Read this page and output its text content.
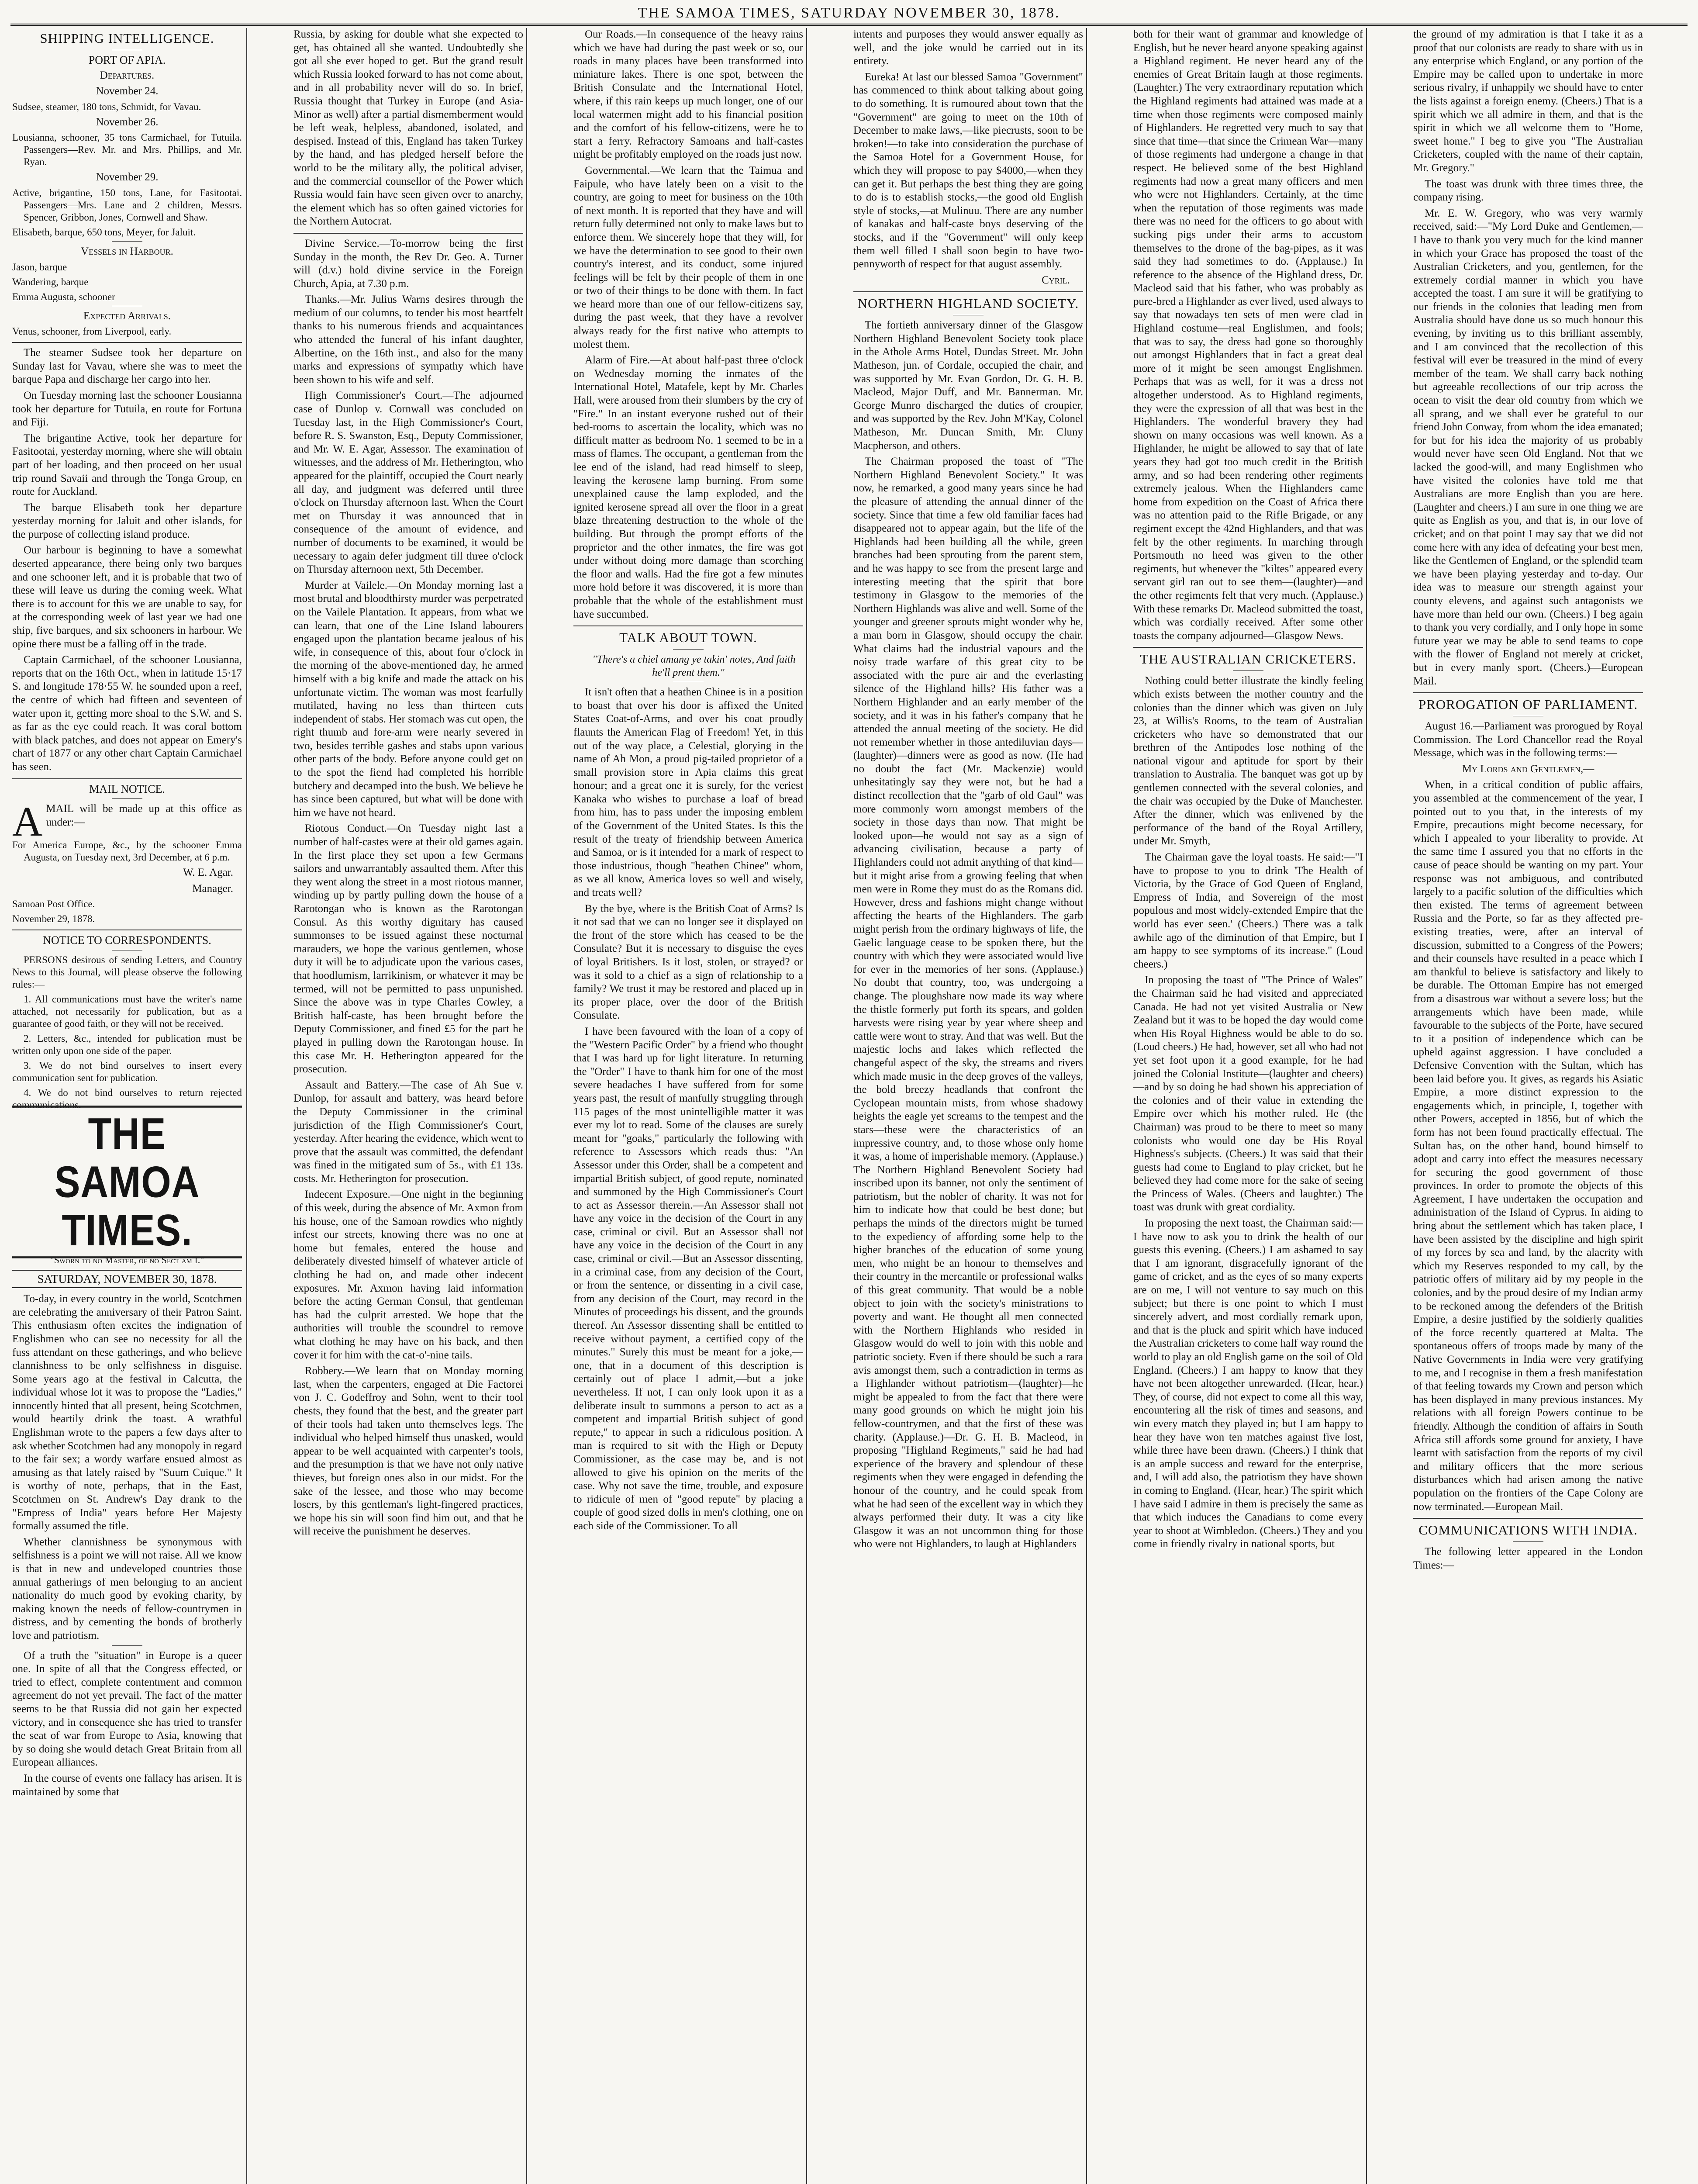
THE SAMOA TIMES, SATURDAY NOVEMBER 30, 1878.
SHIPPING INTELLIGENCE.
PORT OF APIA.

Departures.

November 24.

Sudsee, steamer, 180 tons, Schmidt, for Vavau.

November 26.

Lousianna, schooner, 35 tons Carmichael, for Tutuila. Passengers—Rev. Mr. and Mrs. Phillips, and Mr. Ryan.

November 29.

Active, brigantine, 150 tons, Lane, for Fasitootai. Passengers—Mrs. Lane and 2 children, Messrs. Spencer, Gribbon, Jones, Cornwell and Shaw.

Elisabeth, barque, 650 tons, Meyer, for Jaluit.

Vessels in Harbour.

Jason, barque

Wandering, barque

Emma Augusta, schooner

Expected Arrivals.

Venus, schooner, from Liverpool, early.

The steamer Sudsee took her departure on Sunday last for Vavau, where she was to meet the barque Papa and discharge her cargo into her.

On Tuesday morning last the schooner Lousianna took her departure for Tutuila, en route for Fortuna and Fiji.

The brigantine Active, took her departure for Fasitootai, yesterday morning, where she will obtain part of her loading, and then proceed on her usual trip round Savaii and through the Tonga Group, en route for Auckland.

The barque Elisabeth took her departure yesterday morning for Jaluit and other islands, for the purpose of collecting island produce.

Our harbour is beginning to have a somewhat deserted appearance, there being only two barques and one schooner left, and it is probable that two of these will leave us during the coming week. What there is to account for this we are unable to say, for at the corresponding week of last year we had one ship, five barques, and six schooners in harbour. We opine there must be a falling off in the trade.

Captain Carmichael, of the schooner Lousianna, reports that on the 16th Oct., when in latitude 15·17 S. and longitude 178·55 W. he sounded upon a reef, the centre of which had fifteen and seventeen of water upon it, getting more shoal to the S.W. and S. as far as the eye could reach. It was coral bottom with black patches, and does not appear on Emery's chart of 1877 or any other chart Captain Carmichael has seen.

MAIL NOTICE.

AMAIL will be made up at this office as under:—

For America Europe, &c., by the schooner Emma Augusta, on Tuesday next, 3rd December, at 6 p.m.

W. E. Agar.

Manager.

Samoan Post Office.

November 29, 1878.

NOTICE TO CORRESPONDENTS.

PERSONS desirous of sending Letters, and Country News to this Journal, will please observe the following rules:—

1. All communications must have the writer's name attached, not necessarily for publication, but as a guarantee of good faith, or they will not be received.

2. Letters, &c., intended for publication must be written only upon one side of the paper.

3. We do not bind ourselves to insert every communication sent for publication.

4. We do not bind ourselves to return rejected communications.

THE SAMOA TIMES.
"Sworn to no Master, of no Sect am I."
SATURDAY, NOVEMBER 30, 1878.

To-day, in every country in the world, Scotchmen are celebrating the anniversary of their Patron Saint. This enthusiasm often excites the indignation of Englishmen who can see no necessity for all the fuss attendant on these gatherings, and who believe clannishness to be only selfishness in disguise. Some years ago at the festival in Calcutta, the individual whose lot it was to propose the "Ladies," innocently hinted that all present, being Scotchmen, would heartily drink the toast. A wrathful Englishman wrote to the papers a few days after to ask whether Scotchmen had any monopoly in regard to the fair sex; a wordy warfare ensued almost as amusing as that lately raised by "Suum Cuique." It is worthy of note, perhaps, that in the East, Scotchmen on St. Andrew's Day drank to the "Empress of India" years before Her Majesty formally assumed the title.

Whether clannishness be synonymous with selfishness is a point we will not raise. All we know is that in new and undeveloped countries those annual gatherings of men belonging to an ancient nationality do much good by evoking charity, by making known the needs of fellow-countrymen in distress, and by cementing the bonds of brotherly love and patriotism.

Of a truth the "situation" in Europe is a queer one. In spite of all that the Congress effected, or tried to effect, complete contentment and common agreement do not yet prevail. The fact of the matter seems to be that Russia did not gain her expected victory, and in consequence she has tried to transfer the seat of war from Europe to Asia, knowing that by so doing she would detach Great Britain from all European alliances.

In the course of events one fallacy has arisen. It is maintained by some that

Russia, by asking for double what she expected to get, has obtained all she wanted. Undoubtedly she got all she ever hoped to get. But the grand result which Russia looked forward to has not come about, and in all probability never will do so. In brief, Russia thought that Turkey in Europe (and Asia-Minor as well) after a partial dismemberment would be left weak, helpless, abandoned, isolated, and despised. Instead of this, England has taken Turkey by the hand, and has pledged herself before the world to be the military ally, the political adviser, and the commercial counsellor of the Power which Russia would fain have seen given over to anarchy, the element which has so often gained victories for the Northern Autocrat.

Divine Service.—To-morrow being the first Sunday in the month, the Rev Dr. Geo. A. Turner will (d.v.) hold divine service in the Foreign Church, Apia, at 7.30 p.m.

Thanks.—Mr. Julius Warns desires through the medium of our columns, to tender his most heartfelt thanks to his numerous friends and acquaintances who attended the funeral of his infant daughter, Albertine, on the 16th inst., and also for the many marks and expressions of sympathy which have been shown to his wife and self.

High Commissioner's Court.—The adjourned case of Dunlop v. Cornwall was concluded on Tuesday last, in the High Commissioner's Court, before R. S. Swanston, Esq., Deputy Commissioner, and Mr. W. E. Agar, Assessor. The examination of witnesses, and the address of Mr. Hetherington, who appeared for the plaintiff, occupied the Court nearly all day, and judgment was deferred until three o'clock on Thursday afternoon last. When the Court met on Thursday it was announced that in consequence of the amount of evidence, and number of documents to be examined, it would be necessary to again defer judgment till three o'clock on Thursday afternoon next, 5th December.

Murder at Vailele.—On Monday morning last a most brutal and bloodthirsty murder was perpetrated on the Vailele Plantation. It appears, from what we can learn, that one of the Line Island labourers engaged upon the plantation became jealous of his wife, in consequence of this, about four o'clock in the morning of the above-mentioned day, he armed himself with a big knife and made the attack on his unfortunate victim. The woman was most fearfully mutilated, having no less than thirteen cuts independent of stabs. Her stomach was cut open, the right thumb and fore-arm were nearly severed in two, besides terrible gashes and stabs upon various other parts of the body. Before anyone could get on to the spot the fiend had completed his horrible butchery and decamped into the bush. We believe he has since been captured, but what will be done with him we have not heard.

Riotous Conduct.—On Tuesday night last a number of half-castes were at their old games again. In the first place they set upon a few Germans sailors and unwarrantably assaulted them. After this they went along the street in a most riotous manner, winding up by partly pulling down the house of a Rarotongan who is known as the Rarotongan Consul. As this worthy dignitary has caused summonses to be issued against these nocturnal marauders, we hope the various gentlemen, whose duty it will be to adjudicate upon the various cases, that hoodlumism, larrikinism, or whatever it may be termed, will not be permitted to pass unpunished. Since the above was in type Charles Cowley, a British half-caste, has been brought before the Deputy Commissioner, and fined £5 for the part he played in pulling down the Rarotongan house. In this case Mr. H. Hetherington appeared for the prosecution.

Assault and Battery.—The case of Ah Sue v. Dunlop, for assault and battery, was heard before the Deputy Commissioner in the criminal jurisdiction of the High Commissioner's Court, yesterday. After hearing the evidence, which went to prove that the assault was committed, the defendant was fined in the mitigated sum of 5s., with £1 13s. costs. Mr. Hetherington for prosecution.

Indecent Exposure.—One night in the beginning of this week, during the absence of Mr. Axmon from his house, one of the Samoan rowdies who nightly infest our streets, knowing there was no one at home but females, entered the house and deliberately divested himself of whatever article of clothing he had on, and made other indecent exposures. Mr. Axmon having laid information before the acting German Consul, that gentleman has had the culprit arrested. We hope that the authorities will trouble the scoundrel to remove what clothing he may have on his back, and then cover it for him with the cat-o'-nine tails.

Robbery.—We learn that on Monday morning last, when the carpenters, engaged at Die Factorei von J. C. Godeffroy and Sohn, went to their tool chests, they found that the best, and the greater part of their tools had taken unto themselves legs. The individual who helped himself thus unasked, would appear to be well acquainted with carpenter's tools, and the presumption is that we have not only native thieves, but foreign ones also in our midst. For the sake of the lessee, and those who may become losers, by this gentleman's light-fingered practices, we hope his sin will soon find him out, and that he will receive the punishment he deserves.

Our Roads.—In consequence of the heavy rains which we have had during the past week or so, our roads in many places have been transformed into miniature lakes. There is one spot, between the British Consulate and the International Hotel, where, if this rain keeps up much longer, one of our local watermen might add to his financial position and the comfort of his fellow-citizens, were he to start a ferry. Refractory Samoans and half-castes might be profitably employed on the roads just now.

Governmental.—We learn that the Taimua and Faipule, who have lately been on a visit to the country, are going to meet for business on the 10th of next month. It is reported that they have and will return fully determined not only to make laws but to enforce them. We sincerely hope that they will, for we have the determination to see good to their own country's interest, and its conduct, some injured feelings will be felt by their people of them in one or two of their things to be done with them. In fact we heard more than one of our fellow-citizens say, during the past week, that they have a revolver always ready for the first native who attempts to molest them.

Alarm of Fire.—At about half-past three o'clock on Wednesday morning the inmates of the International Hotel, Matafele, kept by Mr. Charles Hall, were aroused from their slumbers by the cry of "Fire." In an instant everyone rushed out of their bed-rooms to ascertain the locality, which was no difficult matter as bedroom No. 1 seemed to be in a mass of flames. The occupant, a gentleman from the lee end of the island, had read himself to sleep, leaving the kerosene lamp burning. From some unexplained cause the lamp exploded, and the ignited kerosene spread all over the floor in a great blaze threatening destruction to the whole of the building. But through the prompt efforts of the proprietor and the other inmates, the fire was got under without doing more damage than scorching the floor and walls. Had the fire got a few minutes more hold before it was discovered, it is more than probable that the whole of the establishment must have succumbed.

TALK ABOUT TOWN.

"There's a chiel amang ye takin' notes, And faith he'll prent them."

It isn't often that a heathen Chinee is in a position to boast that over his door is affixed the United States Coat-of-Arms, and over his coat proudly flaunts the American Flag of Freedom! Yet, in this out of the way place, a Celestial, glorying in the name of Ah Mon, a proud pig-tailed proprietor of a small provision store in Apia claims this great honour; and a great one it is surely, for the veriest Kanaka who wishes to purchase a loaf of bread from him, has to pass under the imposing emblem of the Government of the United States. Is this the result of the treaty of friendship between America and Samoa, or is it intended for a mark of respect to those industrious, though "heathen Chinee" whom, as we all know, America loves so well and wisely, and treats well?

By the bye, where is the British Coat of Arms? Is it not sad that we can no longer see it displayed on the front of the store which has ceased to be the Consulate? But it is necessary to disguise the eyes of loyal Britishers. Is it lost, stolen, or strayed? or was it sold to a chief as a sign of relationship to a family? We trust it may be restored and placed up in its proper place, over the door of the British Consulate.

I have been favoured with the loan of a copy of the "Western Pacific Order" by a friend who thought that I was hard up for light literature. In returning the "Order" I have to thank him for one of the most severe headaches I have suffered from for some years past, the result of manfully struggling through 115 pages of the most unintelligible matter it was ever my lot to read. Some of the clauses are surely meant for "goaks," particularly the following with reference to Assessors which reads thus: "An Assessor under this Order, shall be a competent and impartial British subject, of good repute, nominated and summoned by the High Commissioner's Court to act as Assessor therein.—An Assessor shall not have any voice in the decision of the Court in any case, criminal or civil. But an Assessor shall not have any voice in the decision of the Court in any case, criminal or civil.—But an Assessor dissenting, in a criminal case, from any decision of the Court, or from the sentence, or dissenting in a civil case, from any decision of the Court, may record in the Minutes of proceedings his dissent, and the grounds thereof. An Assessor dissenting shall be entitled to receive without payment, a certified copy of the minutes." Surely this must be meant for a joke,—one, that in a document of this description is certainly out of place I admit,—but a joke nevertheless. If not, I can only look upon it as a deliberate insult to summons a person to act as a competent and impartial British subject of good repute," to appear in such a ridiculous position. A man is required to sit with the High or Deputy Commissioner, as the case may be, and is not allowed to give his opinion on the merits of the case. Why not save the time, trouble, and exposure to ridicule of men of "good repute" by placing a couple of good sized dolls in men's clothing, one on each side of the Commissioner. To all

intents and purposes they would answer equally as well, and the joke would be carried out in its entirety.

Eureka! At last our blessed Samoa "Government" has commenced to think about talking about going to do something. It is rumoured about town that the "Government" are going to meet on the 10th of December to make laws,—like piecrusts, soon to be broken!—to take into consideration the purchase of the Samoa Hotel for a Government House, for which they will propose to pay $4000,—when they can get it. But perhaps the best thing they are going to do is to establish stocks,—the good old English style of stocks,—at Mulinuu. There are any number of kanakas and half-caste boys deserving of the stocks, and if the "Government" will only keep them well filled I shall soon begin to have two-pennyworth of respect for that august assembly.

Cyril.

NORTHERN HIGHLAND SOCIETY.

The fortieth anniversary dinner of the Glasgow Northern Highland Benevolent Society took place in the Athole Arms Hotel, Dundas Street. Mr. John Matheson, jun. of Cordale, occupied the chair, and was supported by Mr. Evan Gordon, Dr. G. H. B. Macleod, Major Duff, and Mr. Bannerman. Mr. George Munro discharged the duties of croupier, and was supported by the Rev. John M'Kay, Colonel Matheson, Mr. Duncan Smith, Mr. Cluny Macpherson, and others.

The Chairman proposed the toast of "The Northern Highland Benevolent Society." It was now, he remarked, a good many years since he had the pleasure of attending the annual dinner of the society. Since that time a few old familiar faces had disappeared not to appear again, but the life of the Highlands had been building all the while, green branches had been sprouting from the parent stem, and he was happy to see from the present large and interesting meeting that the spirit that bore testimony in Glasgow to the memories of the Northern Highlands was alive and well. Some of the younger and greener sprouts might wonder why he, a man born in Glasgow, should occupy the chair. What claims had the industrial vapours and the noisy trade warfare of this great city to be associated with the pure air and the everlasting silence of the Highland hills? His father was a Northern Highlander and an early member of the society, and it was in his father's company that he attended the annual meeting of the society. He did not remember whether in those antediluvian days—(laughter)—dinners were as good as now. (He had no doubt the fact (Mr. Mackenzie) would unhesitatingly say they were not, but he had a distinct recollection that the "garb of old Gaul" was more commonly worn amongst members of the society in those days than now. That might be looked upon—he would not say as a sign of advancing civilisation, because a party of Highlanders could not admit anything of that kind—but it might arise from a growing feeling that when men were in Rome they must do as the Romans did. However, dress and fashions might change without affecting the hearts of the Highlanders. The garb might perish from the ordinary highways of life, the Gaelic language cease to be spoken there, but the country with which they were associated would live for ever in the memories of her sons. (Applause.) No doubt that country, too, was undergoing a change. The ploughshare now made its way where the thistle formerly put forth its spears, and golden harvests were rising year by year where sheep and cattle were wont to stray. And that was well. But the majestic lochs and lakes which reflected the changeful aspect of the sky, the streams and rivers which made music in the deep groves of the valleys, the bold breezy headlands that confront the Cyclopean mountain mists, from whose shadowy heights the eagle yet screams to the tempest and the stars—these were the characteristics of an impressive country, and, to those whose only home it was, a home of imperishable memory. (Applause.) The Northern Highland Benevolent Society had inscribed upon its banner, not only the sentiment of patriotism, but the nobler of charity. It was not for him to indicate how that could be best done; but perhaps the minds of the directors might be turned to the expediency of affording some help to the higher branches of the education of some young men, who might be an honour to themselves and their country in the mercantile or professional walks of this great community. That would be a noble object to join with the society's ministrations to poverty and want. He thought all men connected with the Northern Highlands who resided in Glasgow would do well to join with this noble and patriotic society. Even if there should be such a rara avis amongst them, such a contradiction in terms as a Highlander without patriotism—(laughter)—he might be appealed to from the fact that there were many good grounds on which he might join his fellow-countrymen, and that the first of these was charity. (Applause.)—Dr. G. H. B. Macleod, in proposing "Highland Regiments," said he had had experience of the bravery and splendour of these regiments when they were engaged in defending the honour of the country, and he could speak from what he had seen of the excellent way in which they always performed their duty. It was a city like Glasgow it was an not uncommon thing for those who were not Highlanders, to laugh at Highlanders

both for their want of grammar and knowledge of English, but he never heard anyone speaking against a Highland regiment. He never heard any of the enemies of Great Britain laugh at those regiments. (Laughter.) The very extraordinary reputation which the Highland regiments had attained was made at a time when those regiments were composed mainly of Highlanders. He regretted very much to say that since that time—that since the Crimean War—many of those regiments had undergone a change in that respect. He believed some of the best Highland regiments had now a great many officers and men who were not Highlanders. Certainly, at the time when the reputation of those regiments was made there was no need for the officers to go about with sucking pigs under their arms to accustom themselves to the drone of the bag-pipes, as it was said they had sometimes to do. (Applause.) In reference to the absence of the Highland dress, Dr. Macleod said that his father, who was probably as pure-bred a Highlander as ever lived, used always to say that nowadays ten sets of men were clad in Highland costume—real Englishmen, and fools; that was to say, the dress had gone so thoroughly out amongst Highlanders that in fact a great deal more of it might be seen amongst Englishmen. Perhaps that was as well, for it was a dress not altogether understood. As to Highland regiments, they were the expression of all that was best in the Highlanders. The wonderful bravery they had shown on many occasions was well known. As a Highlander, he might be allowed to say that of late years they had got too much credit in the British army, and so had been rendering other regiments extremely jealous. When the Highlanders came home from expedition on the Coast of Africa there was no attention paid to the Rifle Brigade, or any regiment except the 42nd Highlanders, and that was felt by the other regiments. In marching through Portsmouth no heed was given to the other regiments, but whenever the "kiltes" appeared every servant girl ran out to see them—(laughter)—and the other regiments felt that very much. (Applause.) With these remarks Dr. Macleod submitted the toast, which was cordially received. After some other toasts the company adjourned—Glasgow News.

THE AUSTRALIAN CRICKETERS.

Nothing could better illustrate the kindly feeling which exists between the mother country and the colonies than the dinner which was given on July 23, at Willis's Rooms, to the team of Australian cricketers who have so demonstrated that our brethren of the Antipodes lose nothing of the national vigour and aptitude for sport by their translation to Australia. The banquet was got up by gentlemen connected with the several colonies, and the chair was occupied by the Duke of Manchester. After the dinner, which was enlivened by the performance of the band of the Royal Artillery, under Mr. Smyth,

The Chairman gave the loyal toasts. He said:—"I have to propose to you to drink 'The Health of Victoria, by the Grace of God Queen of England, Empress of India, and Sovereign of the most populous and most widely-extended Empire that the world has ever seen.' (Cheers.) There was a talk awhile ago of the diminution of that Empire, but I am happy to see symptoms of its increase." (Loud cheers.)

In proposing the toast of "The Prince of Wales" the Chairman said he had visited and appreciated Canada. He had not yet visited Australia or New Zealand but it was to be hoped the day would come when His Royal Highness would be able to do so. (Loud cheers.) He had, however, set all who had not yet set foot upon it a good example, for he had joined the Colonial Institute—(laughter and cheers)—and by so doing he had shown his appreciation of the colonies and of their value in extending the Empire over which his mother ruled. He (the Chairman) was proud to be there to meet so many colonists who would one day be His Royal Highness's subjects. (Cheers.) It was said that their guests had come to England to play cricket, but he believed they had come more for the sake of seeing the Princess of Wales. (Cheers and laughter.) The toast was drunk with great cordiality.

In proposing the next toast, the Chairman said:—I have now to ask you to drink the health of our guests this evening. (Cheers.) I am ashamed to say that I am ignorant, disgracefully ignorant of the game of cricket, and as the eyes of so many experts are on me, I will not venture to say much on this subject; but there is one point to which I must sincerely advert, and most cordially remark upon, and that is the pluck and spirit which have induced the Australian cricketers to come half way round the world to play an old English game on the soil of Old England. (Cheers.) I am happy to know that they have not been altogether unrewarded. (Hear, hear.) They, of course, did not expect to come all this way, encountering all the risk of times and seasons, and win every match they played in; but I am happy to hear they have won ten matches against five lost, while three have been drawn. (Cheers.) I think that is an ample success and reward for the enterprise, and, I will add also, the patriotism they have shown in coming to England. (Hear, hear.) The spirit which I have said I admire in them is precisely the same as that which induces the Canadians to come every year to shoot at Wimbledon. (Cheers.) They and you come in friendly rivalry in national sports, but

the ground of my admiration is that I take it as a proof that our colonists are ready to share with us in any enterprise which England, or any portion of the Empire may be called upon to undertake in more serious rivalry, if unhappily we should have to enter the lists against a foreign enemy. (Cheers.) That is a spirit which we all admire in them, and that is the spirit in which we all welcome them to "Home, sweet home." I beg to give you "The Australian Cricketers, coupled with the name of their captain, Mr. Gregory."

The toast was drunk with three times three, the company rising.

Mr. E. W. Gregory, who was very warmly received, said:—"My Lord Duke and Gentlemen,—I have to thank you very much for the kind manner in which your Grace has proposed the toast of the Australian Cricketers, and you, gentlemen, for the extremely cordial manner in which you have accepted the toast. I am sure it will be gratifying to our friends in the colonies that leading men from Australia should have done us so much honour this evening, by inviting us to this brilliant assembly, and I am convinced that the recollection of this festival will ever be treasured in the mind of every member of the team. We shall carry back nothing but agreeable recollections of our trip across the ocean to visit the dear old country from which we all sprang, and we shall ever be grateful to our friend John Conway, from whom the idea emanated; for but for his idea the majority of us probably would never have seen Old England. Not that we lacked the good-will, and many Englishmen who have visited the colonies have told me that Australians are more English than you are here. (Laughter and cheers.) I am sure in one thing we are quite as English as you, and that is, in our love of cricket; and on that point I may say that we did not come here with any idea of defeating your best men, like the Gentlemen of England, or the splendid team we have been playing yesterday and to-day. Our idea was to measure our strength against your county elevens, and against such antagonists we have more than held our own. (Cheers.) I beg again to thank you very cordially, and I only hope in some future year we may be able to send teams to cope with the flower of England not merely at cricket, but in every manly sport. (Cheers.)—European Mail.

PROROGATION OF PARLIAMENT.

August 16.—Parliament was prorogued by Royal Commission. The Lord Chancellor read the Royal Message, which was in the following terms:—

My Lords and Gentlemen,—

When, in a critical condition of public affairs, you assembled at the commencement of the year, I pointed out to you that, in the interests of my Empire, precautions might become necessary, for which I appealed to your liberality to provide. At the same time I assured you that no efforts in the cause of peace should be wanting on my part. Your response was not ambiguous, and contributed largely to a pacific solution of the difficulties which then existed. The terms of agreement between Russia and the Porte, so far as they affected pre-existing treaties, were, after an interval of discussion, submitted to a Congress of the Powers; and their counsels have resulted in a peace which I am thankful to believe is satisfactory and likely to be durable. The Ottoman Empire has not emerged from a disastrous war without a severe loss; but the arrangements which have been made, while favourable to the subjects of the Porte, have secured to it a position of independence which can be upheld against aggression. I have concluded a Defensive Convention with the Sultan, which has been laid before you. It gives, as regards his Asiatic Empire, a more distinct expression to the engagements which, in principle, I, together with other Powers, accepted in 1856, but of which the form has not been found practically effectual. The Sultan has, on the other hand, bound himself to adopt and carry into effect the measures necessary for securing the good government of those provinces. In order to promote the objects of this Agreement, I have undertaken the occupation and administration of the Island of Cyprus. In aiding to bring about the settlement which has taken place, I have been assisted by the discipline and high spirit of my forces by sea and land, by the alacrity with which my Reserves responded to my call, by the patriotic offers of military aid by my people in the colonies, and by the proud desire of my Indian army to be reckoned among the defenders of the British Empire, a desire justified by the soldierly qualities of the force recently quartered at Malta. The spontaneous offers of troops made by many of the Native Governments in India were very gratifying to me, and I recognise in them a fresh manifestation of that feeling towards my Crown and person which has been displayed in many previous instances. My relations with all foreign Powers continue to be friendly. Although the condition of affairs in South Africa still affords some ground for anxiety, I have learnt with satisfaction from the reports of my civil and military officers that the more serious disturbances which had arisen among the native population on the frontiers of the Cape Colony are now terminated.—European Mail.

COMMUNICATIONS WITH INDIA.

The following letter appeared in the London Times:—
